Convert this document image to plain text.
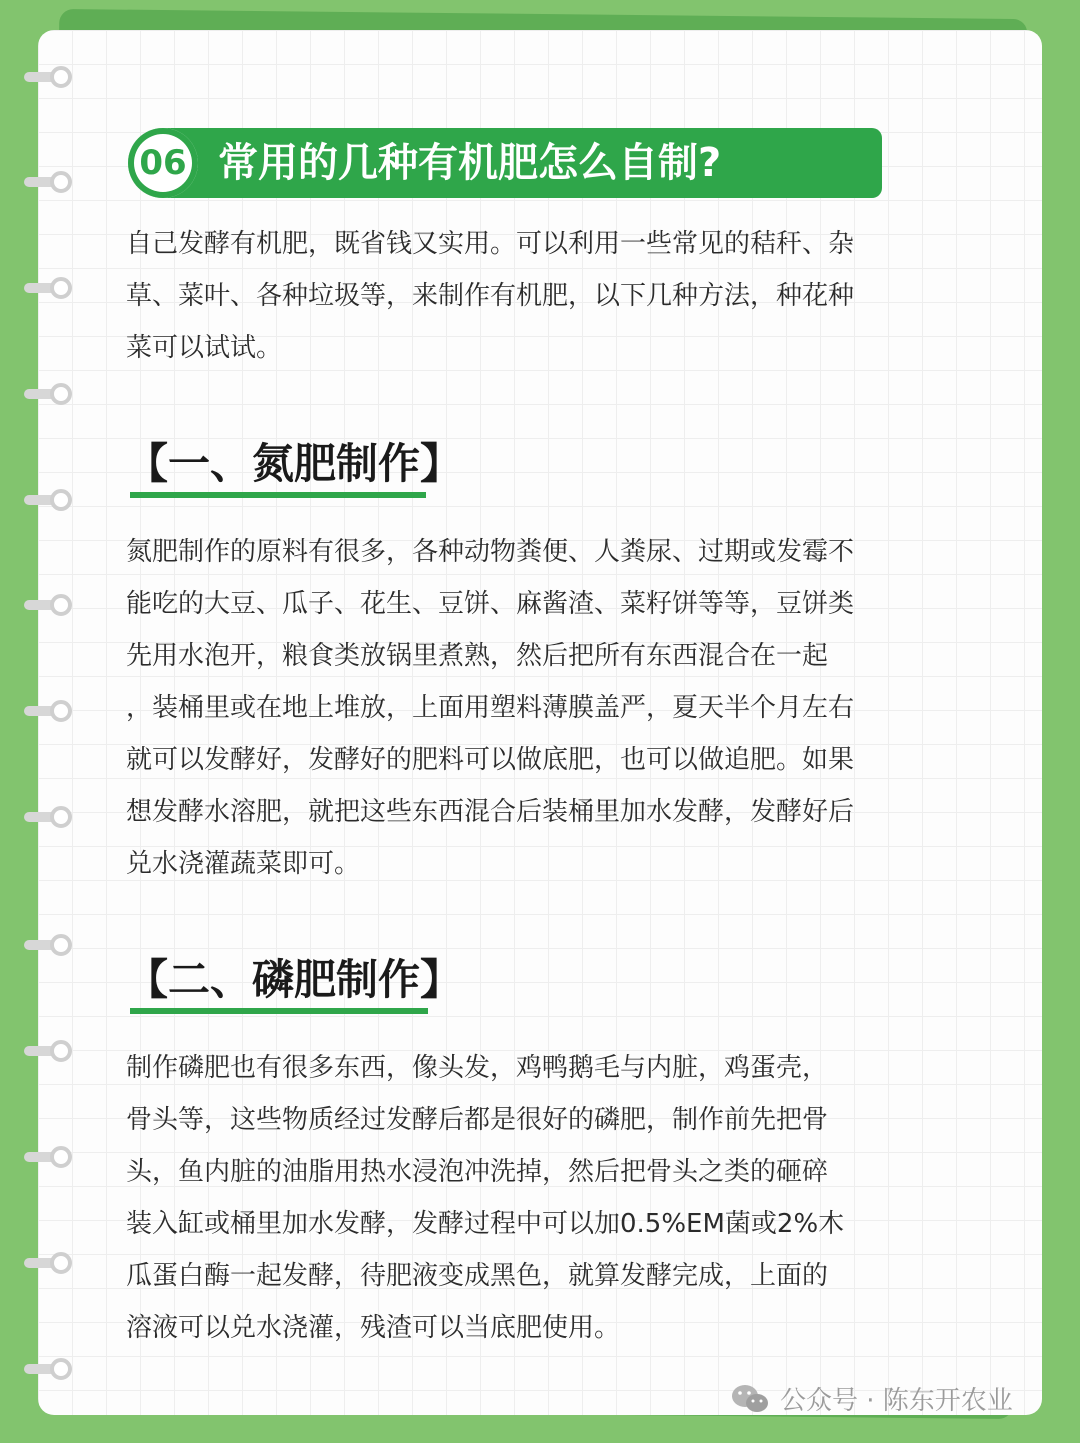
06 常用的几种有机肥怎么自制?

自己发酵有机肥，既省钱又实用。可以利用一些常见的秸秆、杂
草、菜叶、各种垃圾等，来制作有机肥，以下几种方法，种花种
菜可以试试。

【一、氮肥制作】

氮肥制作的原料有很多，各种动物粪便、人粪尿、过期或发霉不
能吃的大豆、瓜子、花生、豆饼、麻酱渣、菜籽饼等等，豆饼类
先用水泡开，粮食类放锅里煮熟，然后把所有东西混合在一起
，装桶里或在地上堆放，上面用塑料薄膜盖严，夏天半个月左右
就可以发酵好，发酵好的肥料可以做底肥，也可以做追肥。如果
想发酵水溶肥，就把这些东西混合后装桶里加水发酵，发酵好后
兑水浇灌蔬菜即可。

【二、磷肥制作】

制作磷肥也有很多东西，像头发，鸡鸭鹅毛与内脏，鸡蛋壳，
骨头等，这些物质经过发酵后都是很好的磷肥，制作前先把骨
头，鱼内脏的油脂用热水浸泡冲洗掉，然后把骨头之类的砸碎
装入缸或桶里加水发酵，发酵过程中可以加0.5%EM菌或2%木
瓜蛋白酶一起发酵，待肥液变成黑色，就算发酵完成，上面的
溶液可以兑水浇灌，残渣可以当底肥使用。

公众号 · 陈东开农业
